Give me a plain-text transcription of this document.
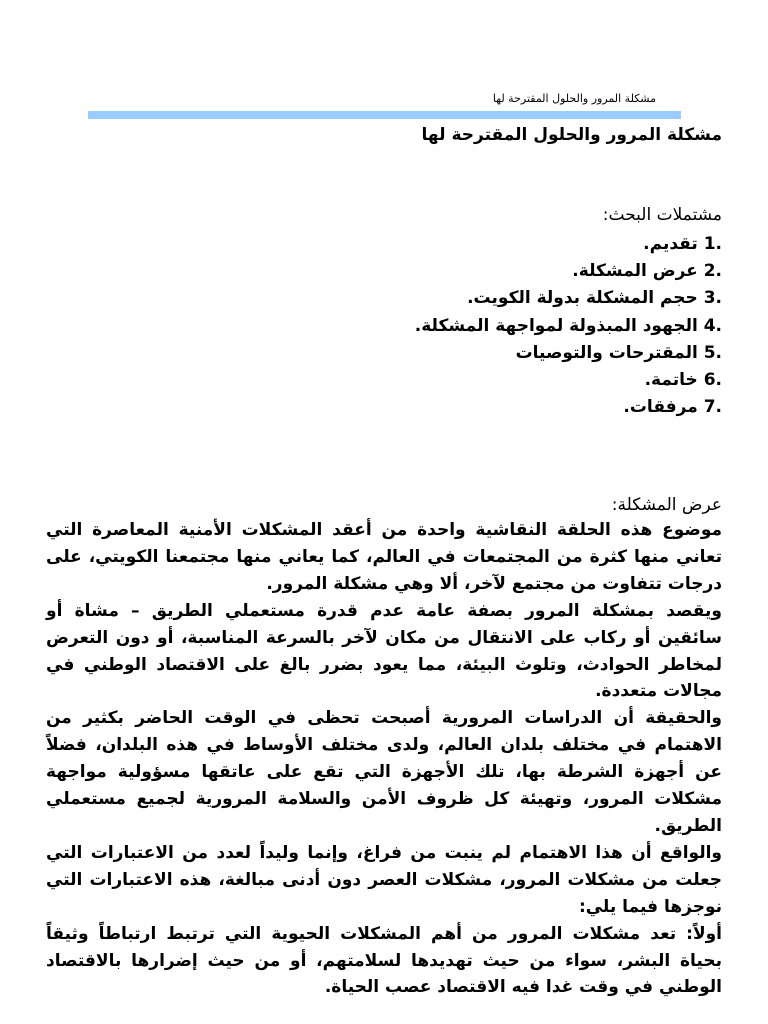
مشكلة المرور والحلول المقترحة لها
مشكلة المرور والحلول المقترحة لها
مشتملات البحث:
1. تقديم.
2. عرض المشكلة.
3. حجم المشكلة بدولة الكويت.
4. الجهود المبذولة لمواجهة المشكلة.
5. المقترحات والتوصيات
6. خاتمة.
7. مرفقات.
عرض المشكلة:

موضوع هذه الحلقة النقاشية واحدة من أعقد المشكلات الأمنية المعاصرة التي تعاني منها كثرة من المجتمعات في العالم، كما يعاني منها مجتمعنا الكويتي، على درجات تتفاوت من مجتمع لآخر، ألا وهي مشكلة المرور.

ويقصد بمشكلة المرور بصفة عامة عدم قدرة مستعملي الطريق – مشاة أو سائقين أو ركاب على الانتقال من مكان لآخر بالسرعة المناسبة، أو دون التعرض لمخاطر الحوادث، وتلوث البيئة، مما يعود بضرر بالغ على الاقتصاد الوطني في مجالات متعددة.

والحقيقة أن الدراسات المرورية أصبحت تحظى في الوقت الحاضر بكثير من الاهتمام في مختلف بلدان العالم، ولدى مختلف الأوساط في هذه البلدان، فضلاً عن أجهزة الشرطة بها، تلك الأجهزة التي تقع على عاتقها مسؤولية مواجهة مشكلات المرور، وتهيئة كل ظروف الأمن والسلامة المرورية لجميع مستعملي الطريق.

والواقع أن هذا الاهتمام لم ينبت من فراغ، وإنما وليداً لعدد من الاعتبارات التي جعلت من مشكلات المرور، مشكلات العصر دون أدنى مبالغة، هذه الاعتبارات التي نوجزها فيما يلي:

أولاً: تعد مشكلات المرور من أهم المشكلات الحيوية التي ترتبط ارتباطاً وثيقاً بحياة البشر، سواء من حيث تهديدها لسلامتهم، أو من حيث إضرارها بالاقتصاد الوطني في وقت غدا فيه الاقتصاد عصب الحياة.
